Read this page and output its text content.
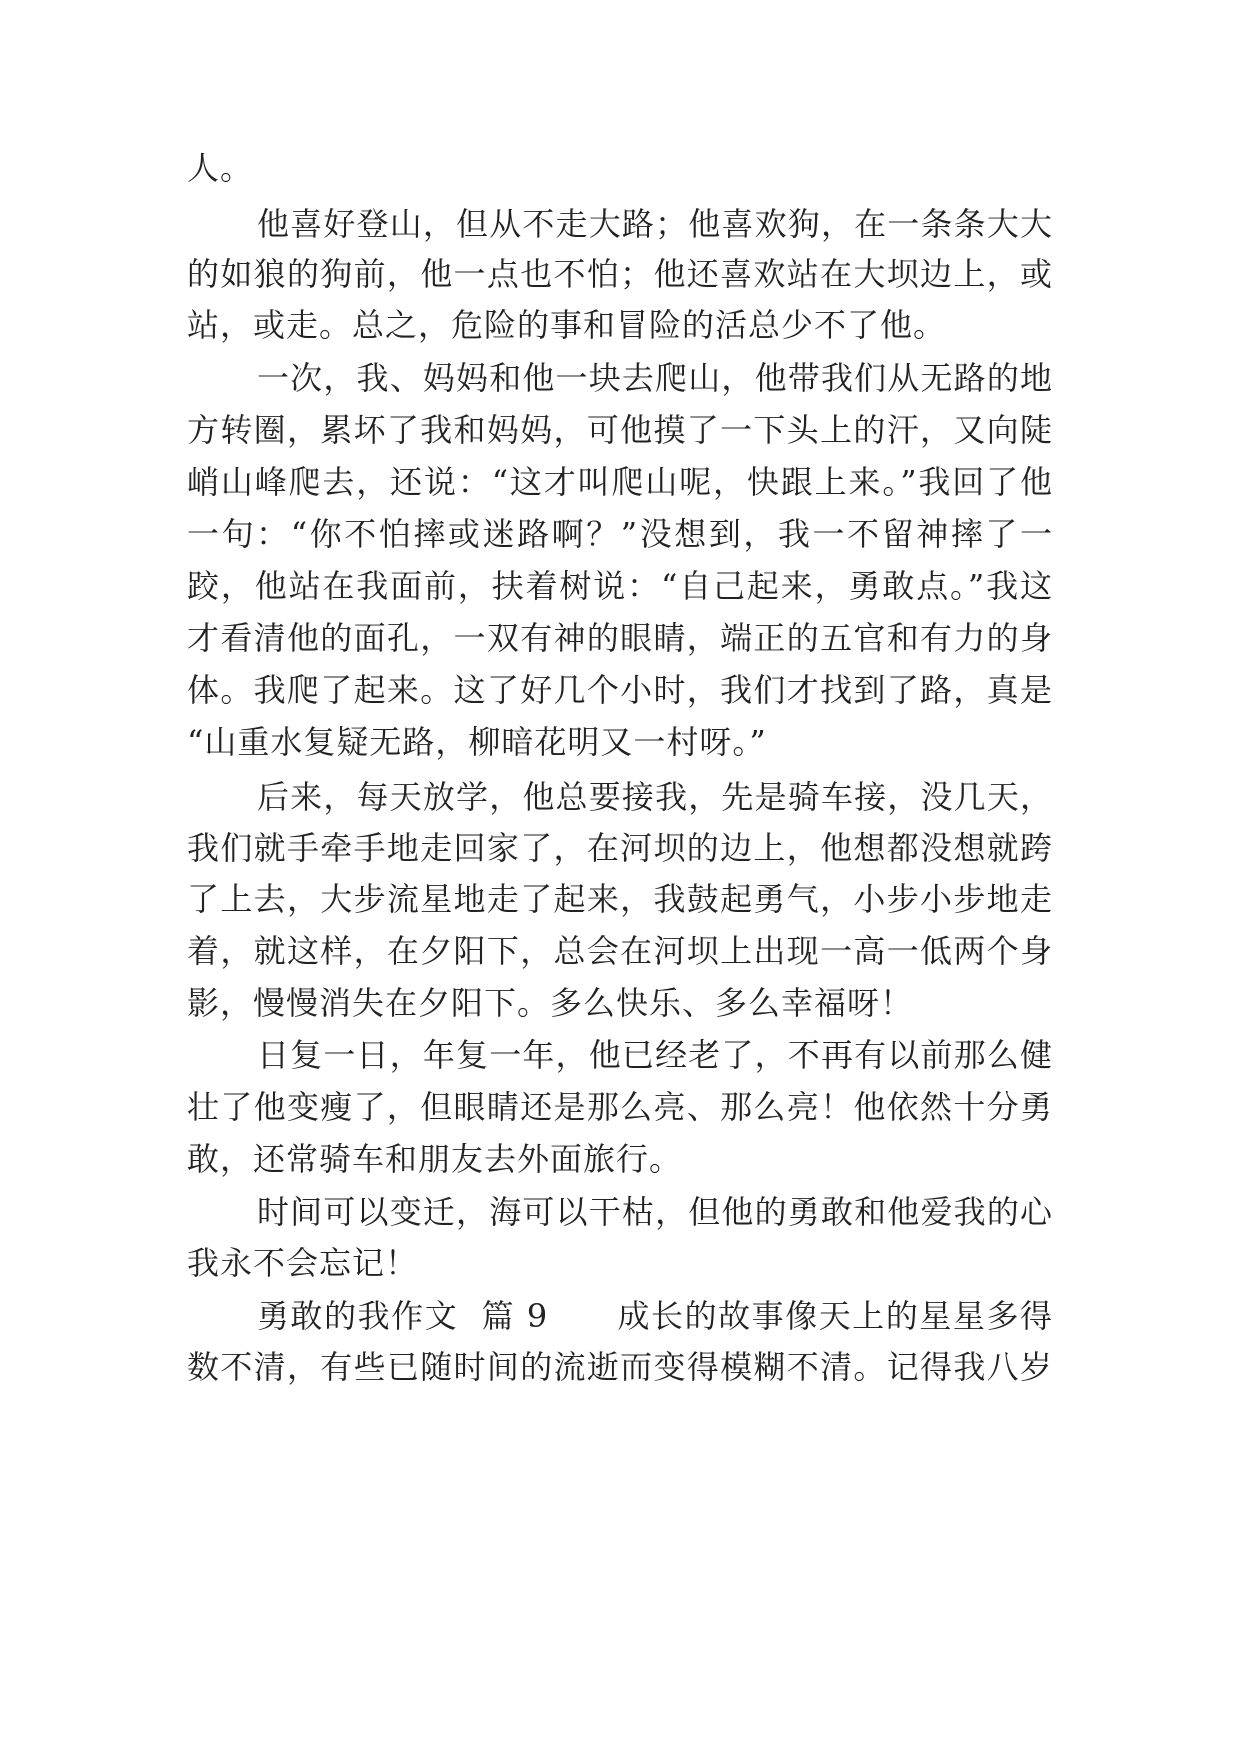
人。
他喜好登山，但从不走大路；他喜欢狗，在一条条大大
的如狼的狗前，他一点也不怕；他还喜欢站在大坝边上，或
站，或走。总之，危险的事和冒险的活总少不了他。
一次，我、妈妈和他一块去爬山，他带我们从无路的地
方转圈，累坏了我和妈妈，可他摸了一下头上的汗，又向陡
峭山峰爬去，还说：“这才叫爬山呢，快跟上来。”我回了他
一句：“你不怕摔或迷路啊？”没想到，我一不留神摔了一
跤，他站在我面前，扶着树说：“自己起来，勇敢点。”我这
才看清他的面孔，一双有神的眼睛，端正的五官和有力的身
体。我爬了起来。这了好几个小时，我们才找到了路，真是
“山重水复疑无路，柳暗花明又一村呀。”
后来，每天放学，他总要接我，先是骑车接，没几天，
我们就手牵手地走回家了，在河坝的边上，他想都没想就跨
了上去，大步流星地走了起来，我鼓起勇气，小步小步地走
着，就这样，在夕阳下，总会在河坝上出现一高一低两个身
影，慢慢消失在夕阳下。多么快乐、多么幸福呀！
日复一日，年复一年，他已经老了，不再有以前那么健
壮了他变瘦了，但眼睛还是那么亮、那么亮！他依然十分勇
敢，还常骑车和朋友去外面旅行。
时间可以变迁，海可以干枯，但他的勇敢和他爱我的心
我永不会忘记！
勇敢的我作文  篇 9      成长的故事像天上的星星多得
数不清，有些已随时间的流逝而变得模糊不清。记得我八岁
